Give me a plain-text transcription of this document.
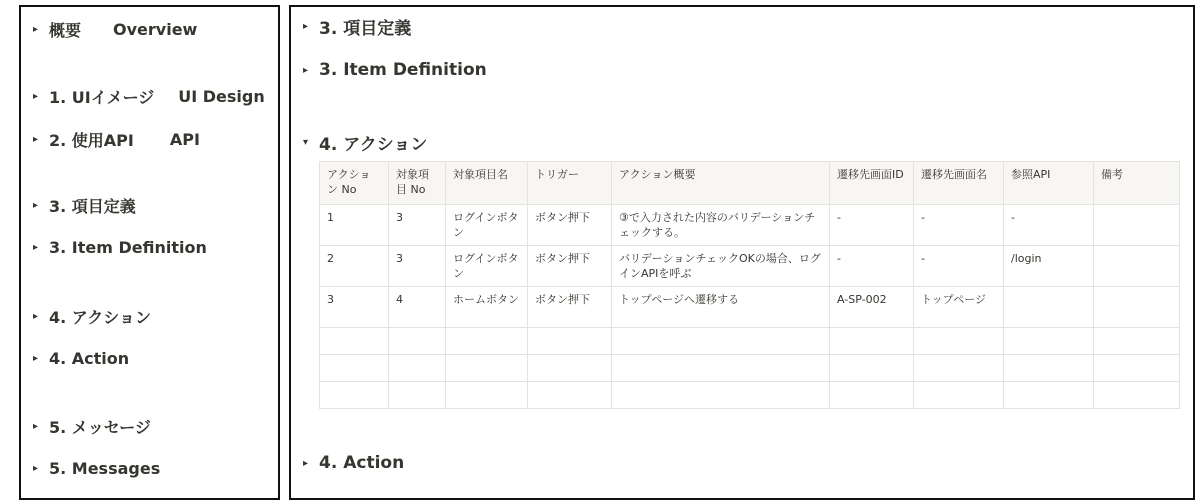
▸ 概要 Overview
▸ 1. UIイメージ UI Design
▸ 2. 使用API API
▸ 3. 項目定義
▸ 3. Item Definition
▸ 4. アクション
▸ 4. Action
▸ 5. メッセージ
▸ 5. Messages
▸ 3. 項目定義
▸ 3. Item Definition
▾ 4. アクション
アクション No	対象項目 No	対象項目名	トリガー	アクション概要	遷移先画面ID	遷移先画面名	参照API	備考
1	3	ログインボタン	ボタン押下	③で入力された内容のバリデーションチェックする。	-	-	-	
2	3	ログインボタン	ボタン押下	バリデーションチェックOKの場合、ログインAPIを呼ぶ	-	-	/login	
3	4	ホームボタン	ボタン押下	トップページへ遷移する	A-SP-002	トップページ		

▸ 4. Action
